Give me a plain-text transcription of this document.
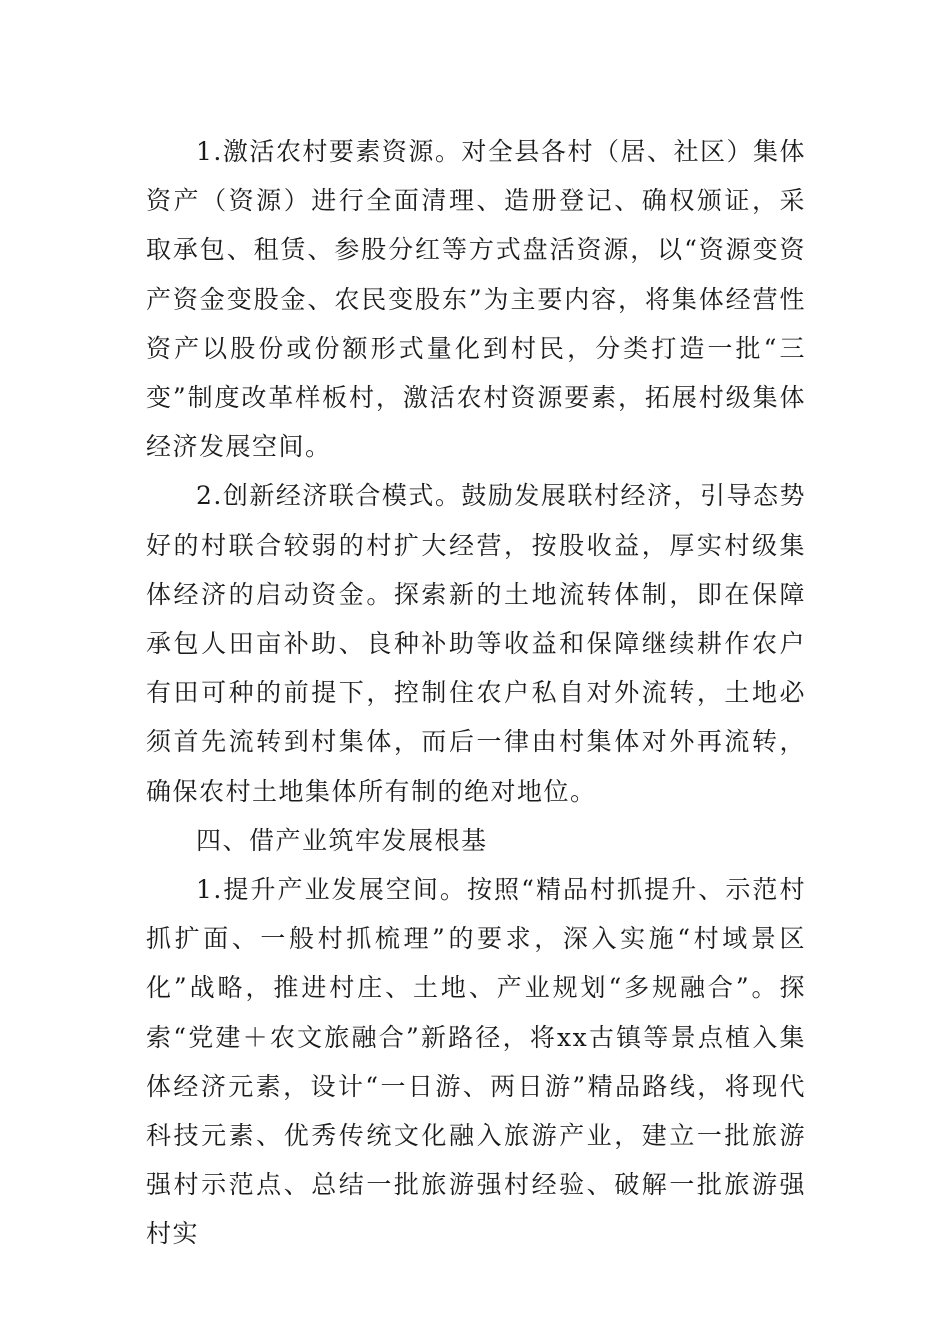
1.激活农村要素资源。对全县各村（居、社区）集体资产（资源）进行全面清理、造册登记、确权颁证，采取承包、租赁、参股分红等方式盘活资源，以“资源变资产资金变股金、农民变股东”为主要内容，将集体经营性资产以股份或份额形式量化到村民，分类打造一批“三变”制度改革样板村，激活农村资源要素，拓展村级集体经济发展空间。

2.创新经济联合模式。鼓励发展联村经济，引导态势好的村联合较弱的村扩大经营，按股收益，厚实村级集体经济的启动资金。探索新的土地流转体制，即在保障承包人田亩补助、良种补助等收益和保障继续耕作农户有田可种的前提下，控制住农户私自对外流转，土地必须首先流转到村集体，而后一律由村集体对外再流转，确保农村土地集体所有制的绝对地位。

四、借产业筑牢发展根基

1.提升产业发展空间。按照“精品村抓提升、示范村抓扩面、一般村抓梳理”的要求，深入实施“村域景区化”战略，推进村庄、土地、产业规划“多规融合”。探索“党建＋农文旅融合”新路径，将xx古镇等景点植入集体经济元素，设计“一日游、两日游”精品路线，将现代科技元素、优秀传统文化融入旅游产业，建立一批旅游强村示范点、总结一批旅游强村经验、破解一批旅游强村实
